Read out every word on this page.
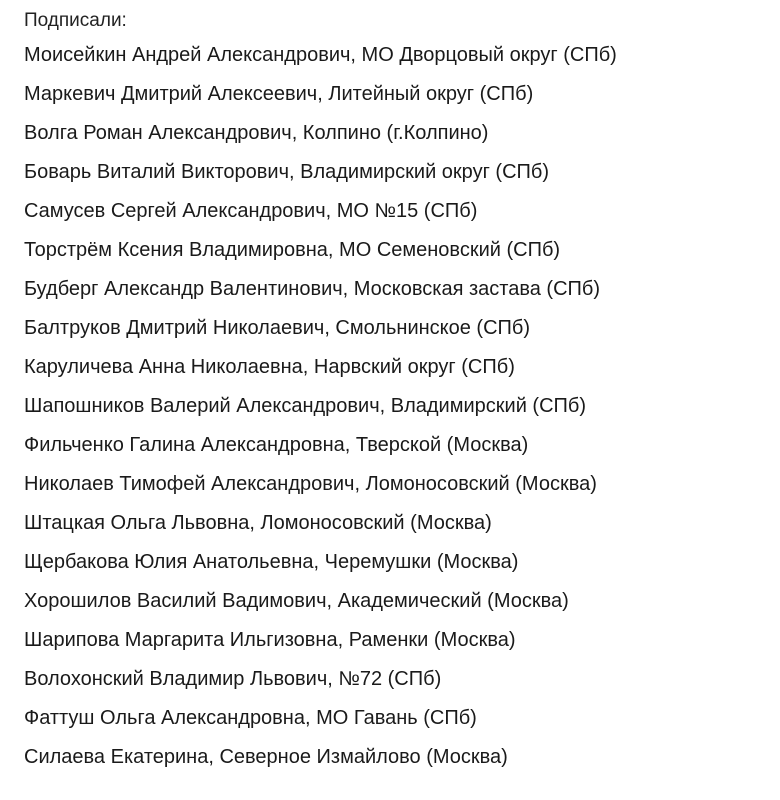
Подписали:
Моисейкин Андрей Александрович, МО Дворцовый округ (СПб)
Маркевич Дмитрий Алексеевич, Литейный округ (СПб)
Волга Роман Александрович, Колпино (г.Колпино)
Боварь Виталий Викторович, Владимирский округ (СПб)
Самусев Сергей Александрович, МО №15 (СПб)
Торстрём Ксения Владимировна, МО Семеновский (СПб)
Будберг Александр Валентинович, Московская застава (СПб)
Балтруков Дмитрий Николаевич, Смольнинское (СПб)
Каруличева Анна Николаевна, Нарвский округ (СПб)
Шапошников Валерий Александрович, Владимирский (СПб)
Фильченко Галина Александровна, Тверской (Москва)
Николаев Тимофей Александрович, Ломоносовский (Москва)
Штацкая Ольга Львовна, Ломоносовский (Москва)
Щербакова Юлия Анатольевна, Черемушки (Москва)
Хорошилов Василий Вадимович, Академический (Москва)
Шарипова Маргарита Ильгизовна, Раменки (Москва)
Волохонский Владимир Львович, №72 (СПб)
Фаттуш Ольга Александровна, МО Гавань (СПб)
Силаева Екатерина, Северное Измайлово (Москва)
